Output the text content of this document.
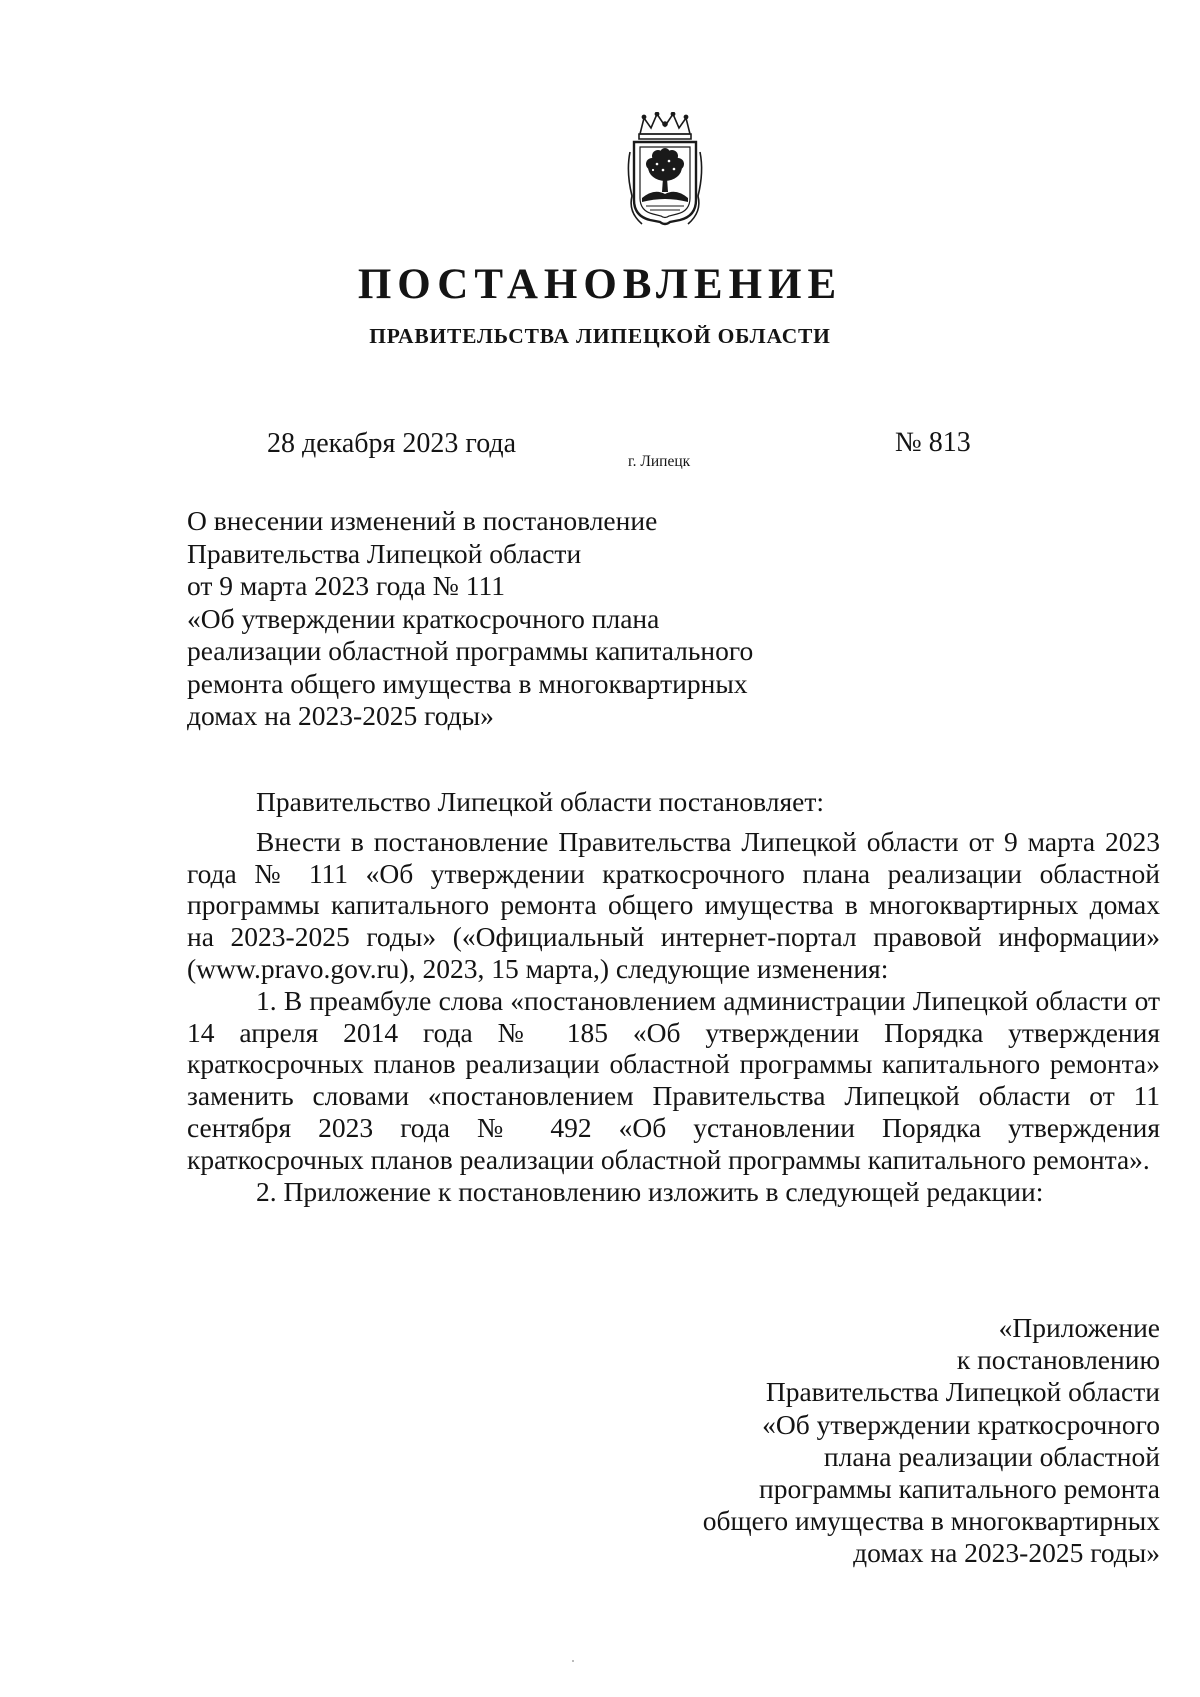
ПОСТАНОВЛЕНИЕ
ПРАВИТЕЛЬСТВА ЛИПЕЦКОЙ ОБЛАСТИ
28 декабря 2023 года
г. Липецк
№ 813
О внесении изменений в постановление
Правительства Липецкой области
от 9 марта 2023 года № 111
«Об утверждении краткосрочного плана
реализации областной программы капитального
ремонта общего имущества в многоквартирных
домах на 2023-2025 годы»

Правительство Липецкой области постановляет:

Внести в постановление Правительства Липецкой области от 9 марта 2023 года № 111 «Об утверждении краткосрочного плана реализации областной программы капитального ремонта общего имущества в многоквартирных домах на 2023-2025 годы» («Официальный интернет-портал правовой информации» (www.pravo.gov.ru), 2023, 15 марта,) следующие изменения:

1. В преамбуле слова «постановлением администрации Липецкой области от 14 апреля 2014 года № 185 «Об утверждении Порядка утверждения краткосрочных планов реализации областной программы капитального ремонта» заменить словами «постановлением Правительства Липецкой области от 11 сентября 2023 года № 492 «Об установлении Порядка утверждения краткосрочных планов реализации областной программы капитального ремонта».

2. Приложение к постановлению изложить в следующей редакции:

«Приложение
к постановлению
Правительства Липецкой области
«Об утверждении краткосрочного
плана реализации областной
программы капитального ремонта
общего имущества в многоквартирных
домах на 2023-2025 годы»
